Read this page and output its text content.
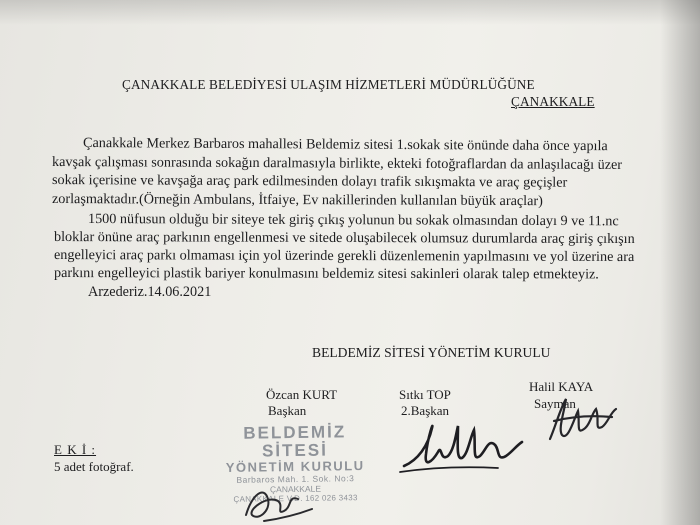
ÇANAKKALE BELEDİYESİ ULAŞIM HİZMETLERİ MÜDÜRLÜĞÜNE
ÇANAKKALE
Çanakkale Merkez Barbaros mahallesi Beldemiz sitesi 1.sokak site önünde daha önce yapıla
kavşak çalışması sonrasında sokağın daralmasıyla birlikte, ekteki fotoğraflardan da anlaşılacağı üzer
sokak içerisine ve kavşağa araç park edilmesinden dolayı trafik sıkışmakta ve araç geçişler
zorlaşmaktadır.(Örneğin Ambulans, İtfaiye, Ev nakillerinden kullanılan büyük araçlar)
1500 nüfusun olduğu bir siteye tek giriş çıkış yolunun bu sokak olmasından dolayı 9 ve 11.nc
bloklar önüne araç parkının engellenmesi ve sitede oluşabilecek olumsuz durumlarda araç giriş çıkışın
engelleyici araç parkı olmaması için yol üzerinde gerekli düzenlemenin yapılmasını ve yol üzerine ara
parkını engelleyici plastik bariyer konulmasını beldemiz sitesi sakinleri olarak talep etmekteyiz.
Arzederiz.14.06.2021
BELDEMİZ SİTESİ YÖNETİM KURULU
Özcan KURT
Başkan
Sıtkı TOP
2.Başkan
Halil KAYA
Sayman
E K İ :
5 adet fotoğraf.
BELDEMİZ SİTESİ
YÖNETİM KURULU
Barbaros Mah. 1. Sok. No:3
ÇANAKKALE
ÇANAKKALE V.D. 162 026 3433
